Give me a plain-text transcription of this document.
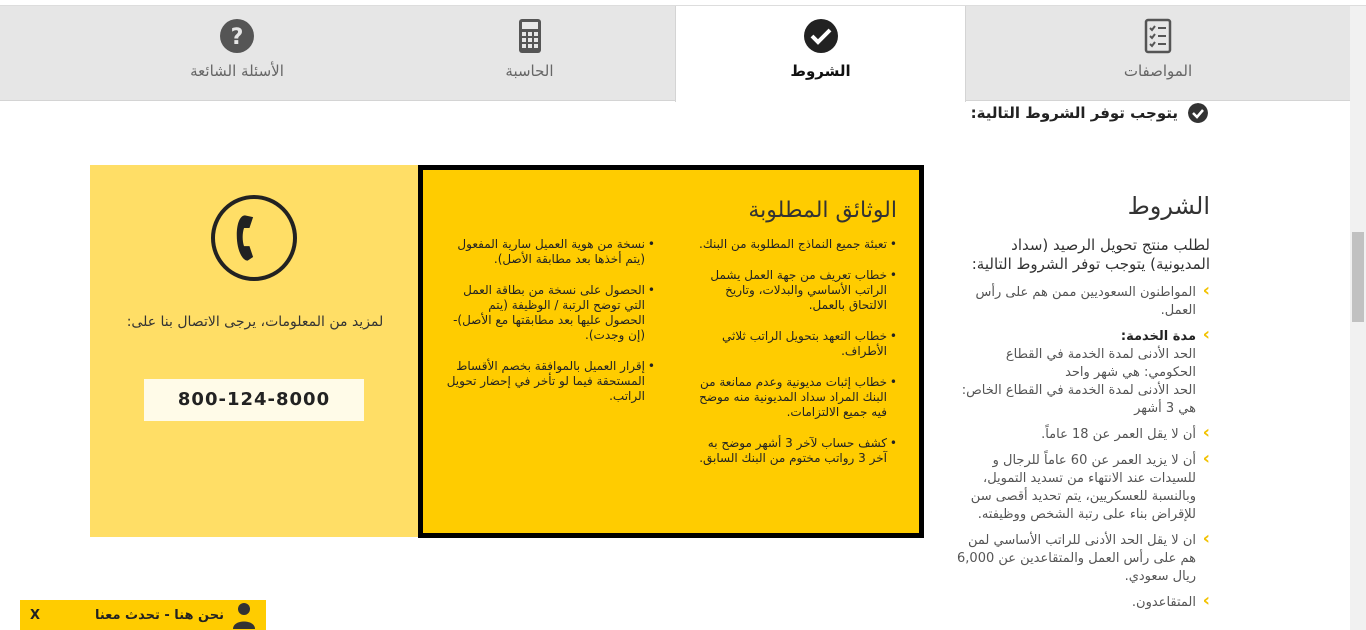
المواصفات
الشروط
الحاسبة
?
الأسئلة الشائعة
يتوجب توفر الشروط التالية:
الشروط
لطلب منتج تحويل الرصيد (سداد المديونية) يتوجب توفر الشروط التالية:
› المواطنون السعوديين ممن هم على رأس العمل.
› مدة الخدمة:
الحد الأدنى لمدة الخدمة في القطاع الحكومي: هي شهر واحد
الحد الأدنى لمدة الخدمة في القطاع الخاص: هي 3 أشهر
› أن لا يقل العمر عن 18 عاماً.
› أن لا يزيد العمر عن 60 عاماً للرجال و للسيدات عند الانتهاء من تسديد التمويل، وبالنسبة للعسكريين، يتم تحديد أقصى سن للإقراض بناء على رتبة الشخص ووظيفته.
› ان لا يقل الحد الأدنى للراتب الأساسي لمن هم على رأس العمل والمتقاعدين عن 6,000 ريال سعودي.
› المتقاعدون.
الوثائق المطلوبة
• تعبئة جميع النماذج المطلوبة من البنك.
• خطاب تعريف من جهة العمل يشمل الراتب الأساسي والبدلات، وتاريخ الالتحاق بالعمل.
• خطاب التعهد بتحويل الراتب ثلاثي الأطراف.
• خطاب إثبات مديونية وعدم ممانعة من البنك المراد سداد المديونية منه موضح فيه جميع الالتزامات.
• كشف حساب لآخر 3 أشهر موضح به آخر 3 رواتب مختوم من البنك السابق.
• نسخة من هوية العميل سارية المفعول (يتم أخذها بعد مطابقة الأصل).
• الحصول على نسخة من بطاقة العمل التي توضح الرتبة / الوظيفة (يتم الحصول عليها بعد مطابقتها مع الأصل)-(إن وجدت).
• إقرار العميل بالموافقة بخصم الأقساط المستحقة فيما لو تأخر في إحضار تحويل الراتب.

لمزيد من المعلومات، يرجى الاتصال بنا على:

800-124-8000
نحن هنا - تحدث معنا
X
